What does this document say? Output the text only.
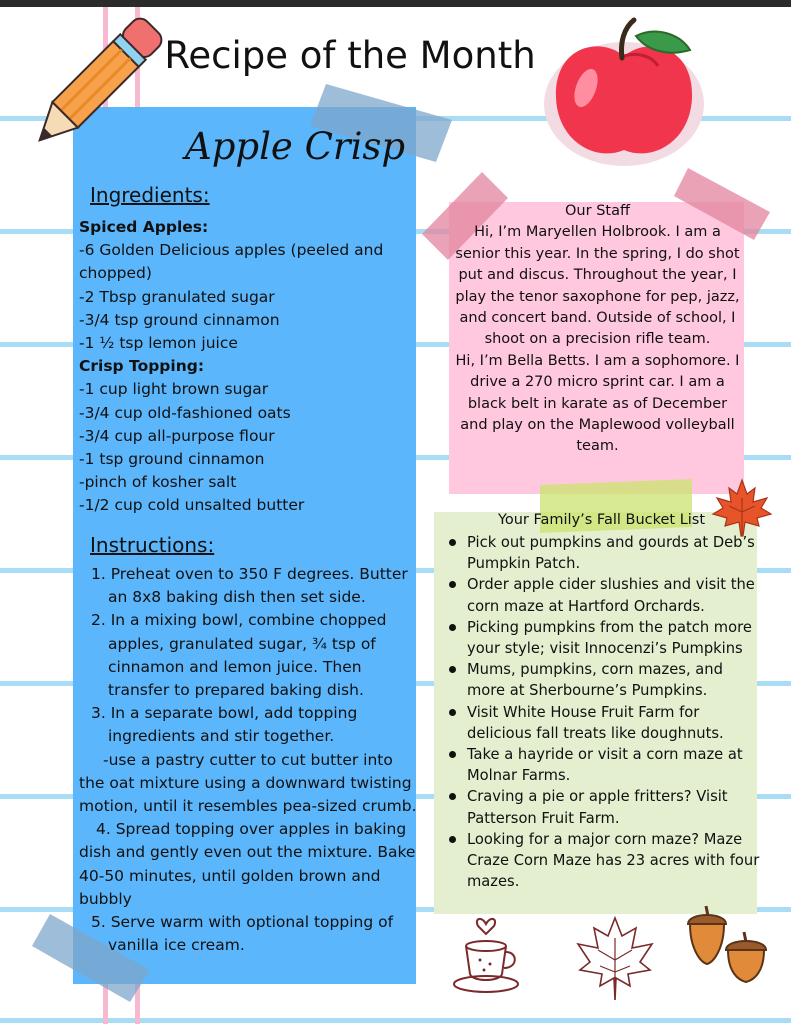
Recipe of the Month
Apple Crisp
Ingredients:
Spiced Apples:
-6 Golden Delicious apples (peeled and chopped)
-2 Tbsp granulated sugar
-3/4 tsp ground cinnamon
-1 ½ tsp lemon juice
Crisp Topping:
-1 cup light brown sugar
-3/4 cup old-fashioned oats
-3/4 cup all-purpose flour
-1 tsp ground cinnamon
-pinch of kosher salt
-1/2 cup cold unsalted butter
Instructions:
1. Preheat oven to 350 F degrees. Butter an 8x8 baking dish then set side.
2. In a mixing bowl, combine chopped apples, granulated sugar, ¾ tsp of cinnamon and lemon juice. Then transfer to prepared baking dish.
3. In a separate bowl, add topping ingredients and stir together.
-use a pastry cutter to cut butter into the oat mixture using a downward twisting motion, until it resembles pea-sized crumb.
4. Spread topping over apples in baking dish and gently even out the mixture. Bake 40-50 minutes, until golden brown and bubbly
5. Serve warm with optional topping of vanilla ice cream.
Our Staff
Hi, I’m Maryellen Holbrook. I am a senior this year. In the spring, I do shot put and discus. Throughout the year, I play the tenor saxophone for pep, jazz, and concert band. Outside of school, I shoot on a precision rifle team.
Hi, I’m Bella Betts. I am a sophomore. I drive a 270 micro sprint car. I am a black belt in karate as of December and play on the Maplewood volleyball team.
Your Family’s Fall Bucket List
Pick out pumpkins and gourds at Deb’s Pumpkin Patch.
Order apple cider slushies and visit the corn maze at Hartford Orchards.
Picking pumpkins from the patch more your style; visit Innocenzi’s Pumpkins
Mums, pumpkins, corn mazes, and more at Sherbourne’s Pumpkins.
Visit White House Fruit Farm for delicious fall treats like doughnuts.
Take a hayride or visit a corn maze at Molnar Farms.
Craving a pie or apple fritters? Visit Patterson Fruit Farm.
Looking for a major corn maze? Maze Craze Corn Maze has 23 acres with four mazes.
